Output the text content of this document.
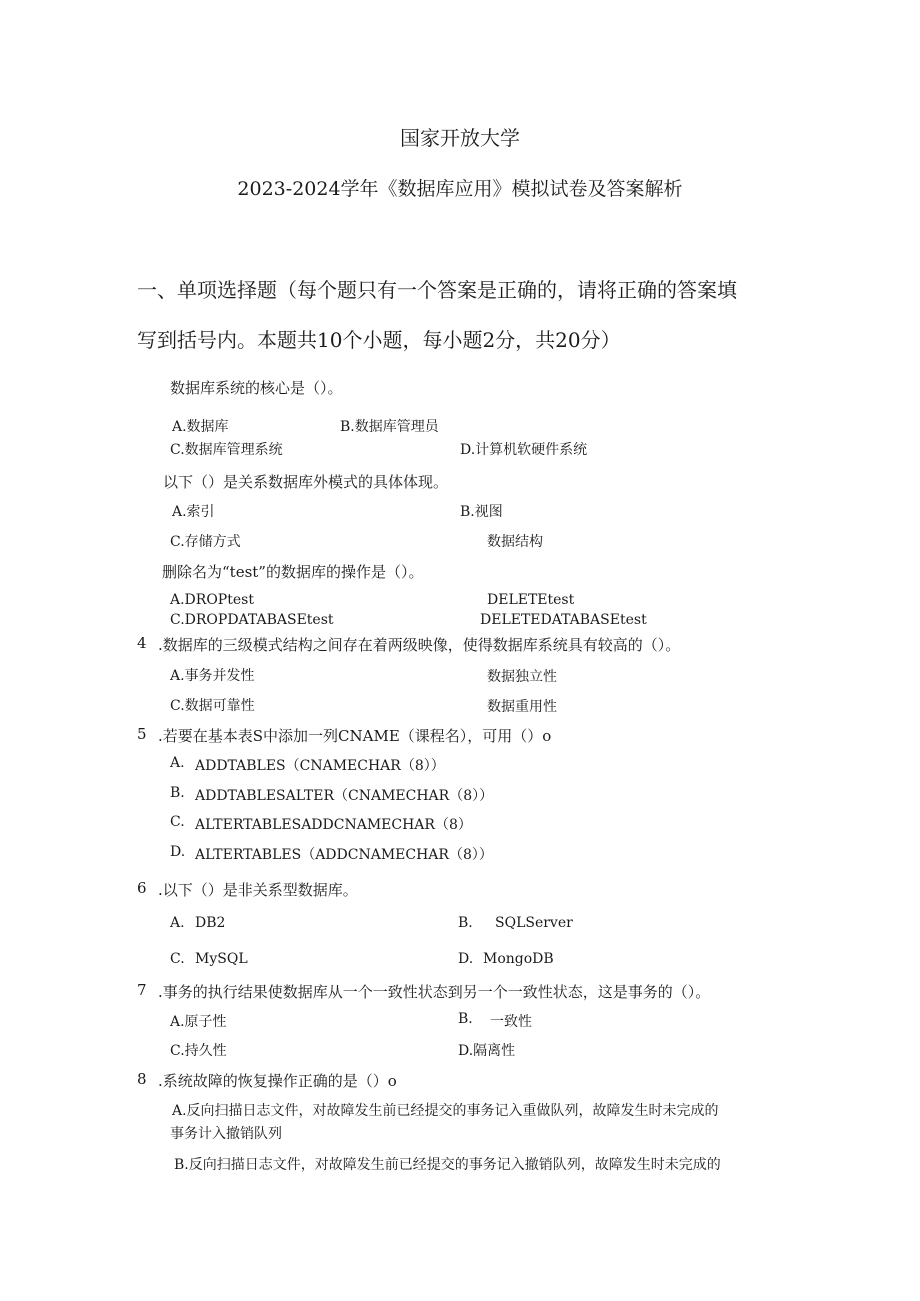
国家开放大学
2023-2024学年《数据库应用》模拟试卷及答案解析
一、单项选择题（每个题只有一个答案是正确的，请将正确的答案填
写到括号内。本题共10个小题，每小题2分，共20分）
数据库系统的核心是（）。
A.数据库	B.数据库管理员
C.数据库管理系统	D.计算机软硬件系统
以下（）是关系数据库外模式的具体体现。
A.索引	B.视图
C.存储方式	数据结构
删除名为“test”的数据库的操作是（）。
A.DROPtest	DELETEtest
C.DROPDATABASEtest	DELETEDATABASEtest
4 .数据库的三级模式结构之间存在着两级映像，使得数据库系统具有较高的（）。
A.事务并发性	数据独立性
C.数据可靠性	数据重用性
5 .若要在基本表S中添加一列CNAME（课程名），可用（）o
A. ADDTABLES（CNAMECHAR（8））
B. ADDTABLESALTER（CNAMECHAR（8））
C. ALTERTABLESADDCNAMECHAR（8）
D. ALTERTABLES（ADDCNAMECHAR（8））
6 .以下（）是非关系型数据库。
A. DB2	B. SQLServer
C. MySQL	D. MongoDB
7 .事务的执行结果使数据库从一个一致性状态到另一个一致性状态，这是事务的（）。
A.原子性	B. 一致性
C.持久性	D.隔离性
8 .系统故障的恢复操作正确的是（）o
A.反向扫描日志文件，对故障发生前已经提交的事务记入重做队列，故障发生时未完成的
事务计入撤销队列
B.反向扫描日志文件，对故障发生前已经提交的事务记入撤销队列，故障发生时未完成的
